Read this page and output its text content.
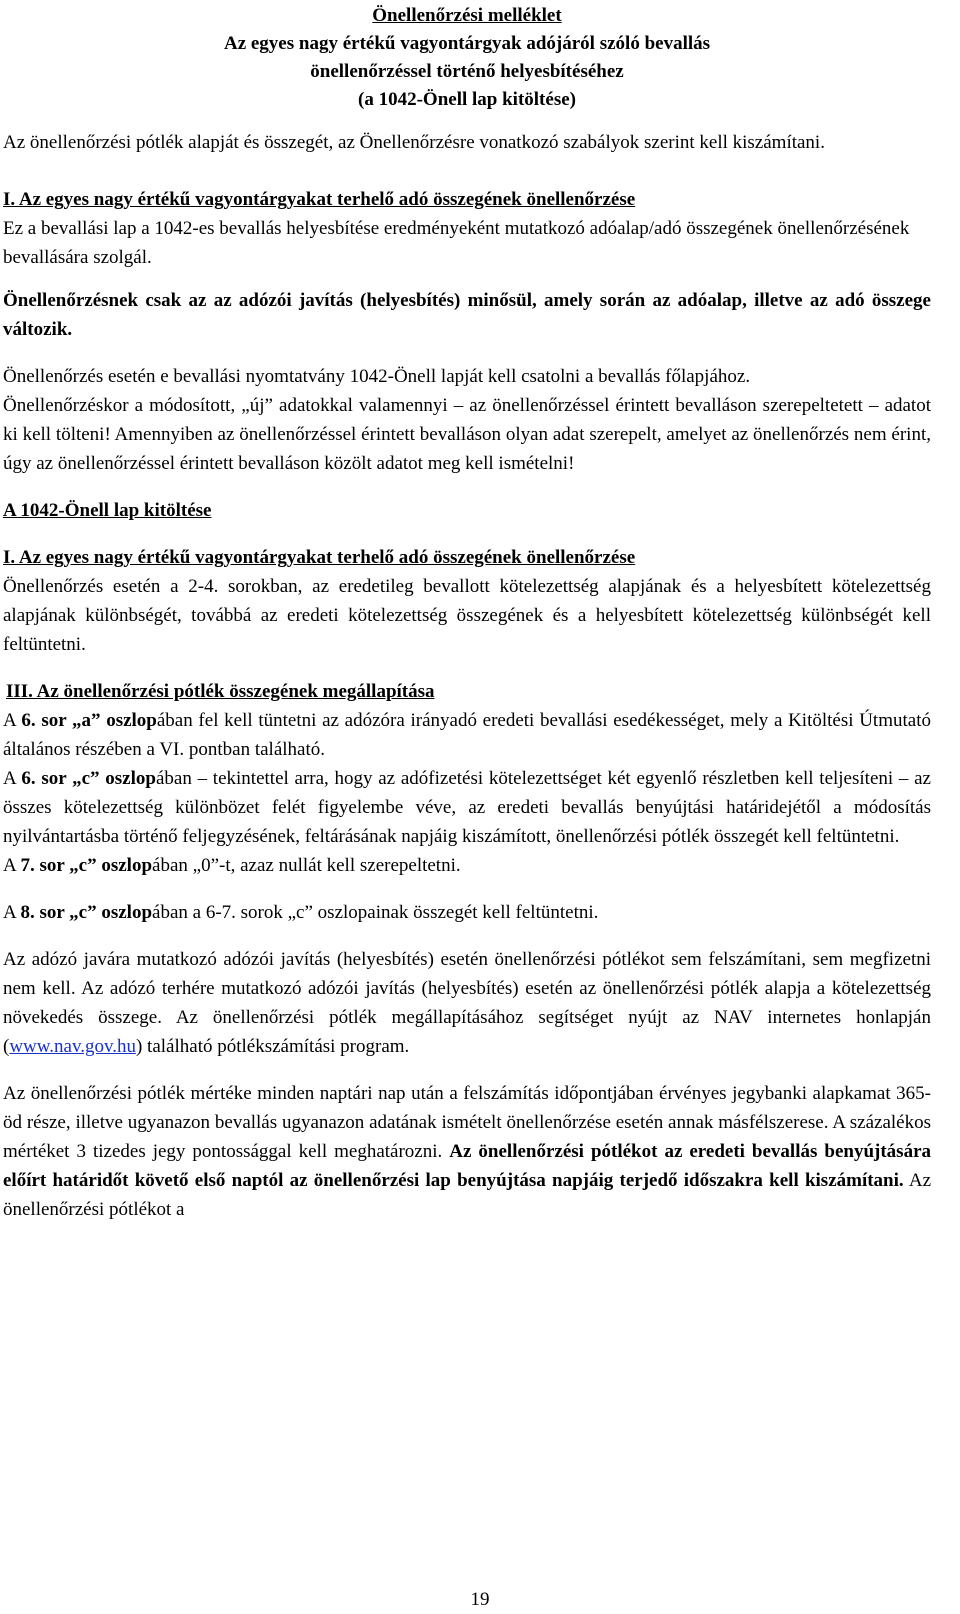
Önellenőrzési melléklet
Az egyes nagy értékű vagyontárgyak adójáról szóló bevallás
önellenőrzéssel történő helyesbítéséhez
(a 1042-Önell lap kitöltése)

Az önellenőrzési pótlék alapját és összegét, az Önellenőrzésre vonatkozó szabályok szerint kell kiszámítani.

I. Az egyes nagy értékű vagyontárgyakat terhelő adó összegének önellenőrzése

Ez a bevallási lap a 1042-es bevallás helyesbítése eredményeként mutatkozó adóalap/adó összegének önellenőrzésének bevallására szolgál.

Önellenőrzésnek csak az az adózói javítás (helyesbítés) minősül, amely során az adóalap, illetve az adó összege változik.

Önellenőrzés esetén e bevallási nyomtatvány 1042-Önell lapját kell csatolni a bevallás főlapjához.

Önellenőrzéskor a módosított, „új” adatokkal valamennyi – az önellenőrzéssel érintett bevalláson szerepeltetett – adatot ki kell tölteni! Amennyiben az önellenőrzéssel érintett bevalláson olyan adat szerepelt, amelyet az önellenőrzés nem érint, úgy az önellenőrzéssel érintett bevalláson közölt adatot meg kell ismételni!

A 1042-Önell lap kitöltése

I. Az egyes nagy értékű vagyontárgyakat terhelő adó összegének önellenőrzése

Önellenőrzés esetén a 2-4. sorokban, az eredetileg bevallott kötelezettség alapjának és a helyesbített kötelezettség alapjának különbségét, továbbá az eredeti kötelezettség összegének és a helyesbített kötelezettség különbségét kell feltüntetni.

III. Az önellenőrzési pótlék összegének megállapítása

A 6. sor „a” oszlopában fel kell tüntetni az adózóra irányadó eredeti bevallási esedékességet, mely a Kitöltési Útmutató általános részében a VI. pontban található.

A 6. sor „c” oszlopában – tekintettel arra, hogy az adófizetési kötelezettséget két egyenlő részletben kell teljesíteni – az összes kötelezettség különbözet felét figyelembe véve, az eredeti bevallás benyújtási határidejétől a módosítás nyilvántartásba történő feljegyzésének, feltárásának napjáig kiszámított, önellenőrzési pótlék összegét kell feltüntetni.

A 7. sor „c” oszlopában „0”-t, azaz nullát kell szerepeltetni.

A 8. sor „c” oszlopában a 6-7. sorok „c” oszlopainak összegét kell feltüntetni.

Az adózó javára mutatkozó adózói javítás (helyesbítés) esetén önellenőrzési pótlékot sem felszámítani, sem megfizetni nem kell. Az adózó terhére mutatkozó adózói javítás (helyesbítés) esetén az önellenőrzési pótlék alapja a kötelezettség növekedés összege. Az önellenőrzési pótlék megállapításához segítséget nyújt az NAV internetes honlapján (www.nav.gov.hu) található pótlékszámítási program.

Az önellenőrzési pótlék mértéke minden naptári nap után a felszámítás időpontjában érvényes jegybanki alapkamat 365-öd része, illetve ugyanazon bevallás ugyanazon adatának ismételt önellenőrzése esetén annak másfélszerese. A százalékos mértéket 3 tizedes jegy pontossággal kell meghatározni. Az önellenőrzési pótlékot az eredeti bevallás benyújtására előírt határidőt követő első naptól az önellenőrzési lap benyújtása napjáig terjedő időszakra kell kiszámítani. Az önellenőrzési pótlékot a

19
